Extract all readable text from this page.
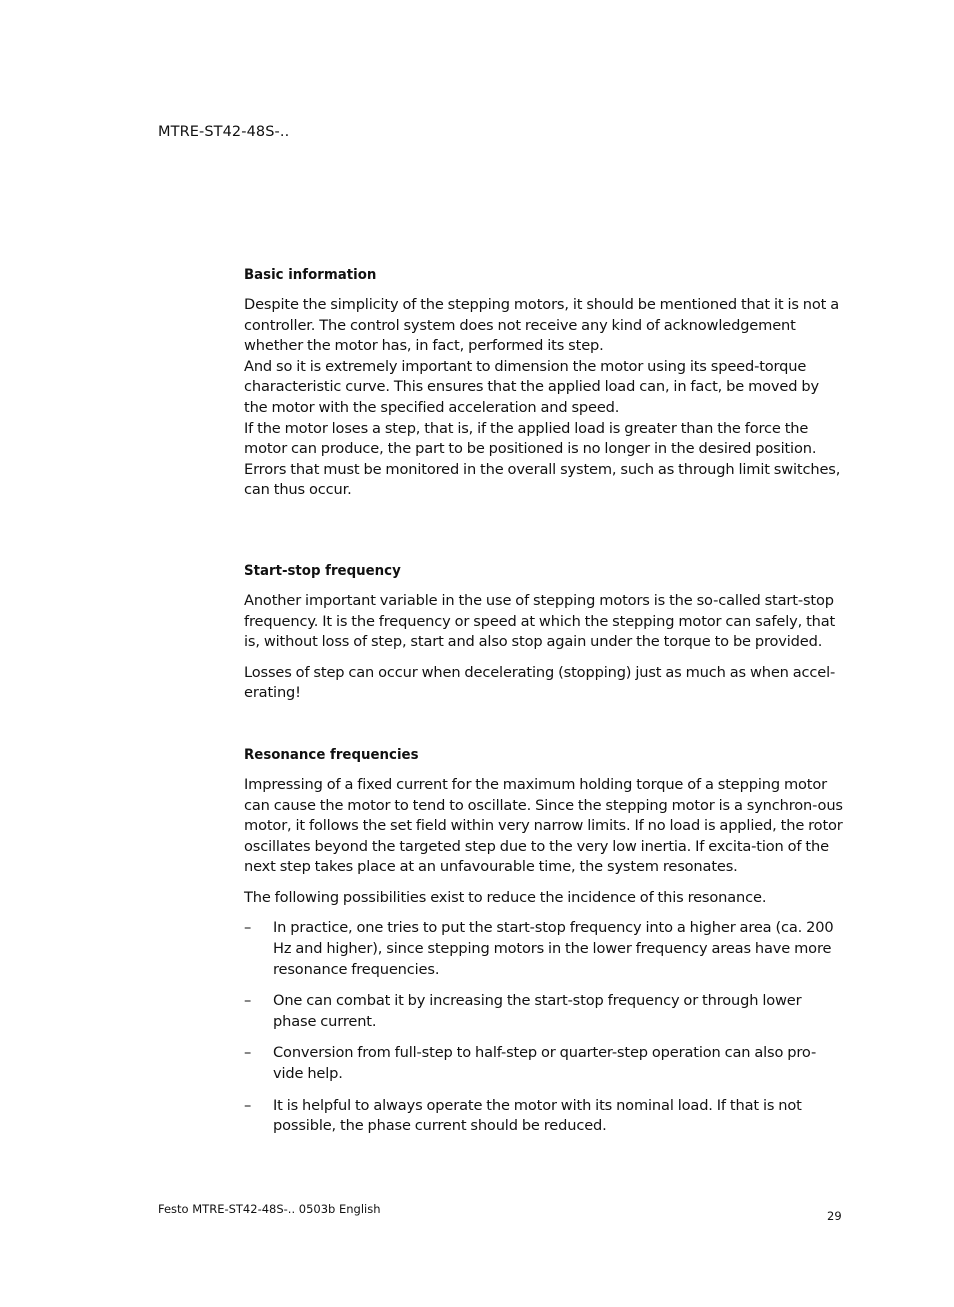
MTRE-ST42-48S-..
Basic information

Despite the simplicity of the stepping motors, it should be mentioned that it is not a controller. The control system does not receive any kind of acknowledgement whether the motor has, in fact, performed its step.

And so it is extremely important to dimension the motor using its speed-torque characteristic curve. This ensures that the applied load can, in fact, be moved by the motor with the specified acceleration and speed.

If the motor loses a step, that is, if the applied load is greater than the force the motor can produce, the part to be positioned is no longer in the desired position. Errors that must be monitored in the overall system, such as through limit switches, can thus occur.

Start-stop frequency

Another important variable in the use of stepping motors is the so-called start-stop frequency. It is the frequency or speed at which the stepping motor can safely, that is, without loss of step, start and also stop again under the torque to be provided.

Losses of step can occur when decelerating (stopping) just as much as when accel-erating!

Resonance frequencies

Impressing of a fixed current for the maximum holding torque of a stepping motor can cause the motor to tend to oscillate. Since the stepping motor is a synchron-ous motor, it follows the set field within very narrow limits. If no load is applied, the rotor oscillates beyond the targeted step due to the very low inertia. If excita-tion of the next step takes place at an unfavourable time, the system resonates.

The following possibilities exist to reduce the incidence of this resonance.

– In practice, one tries to put the start-stop frequency into a higher area (ca. 200 Hz and higher), since stepping motors in the lower frequency areas have more resonance frequencies.
– One can combat it by increasing the start-stop frequency or through lower phase current.
– Conversion from full-step to half-step or quarter-step operation can also pro-vide help.
– It is helpful to always operate the motor with its nominal load. If that is not possible, the phase current should be reduced.
Festo MTRE-ST42-48S-.. 0503b English	29
